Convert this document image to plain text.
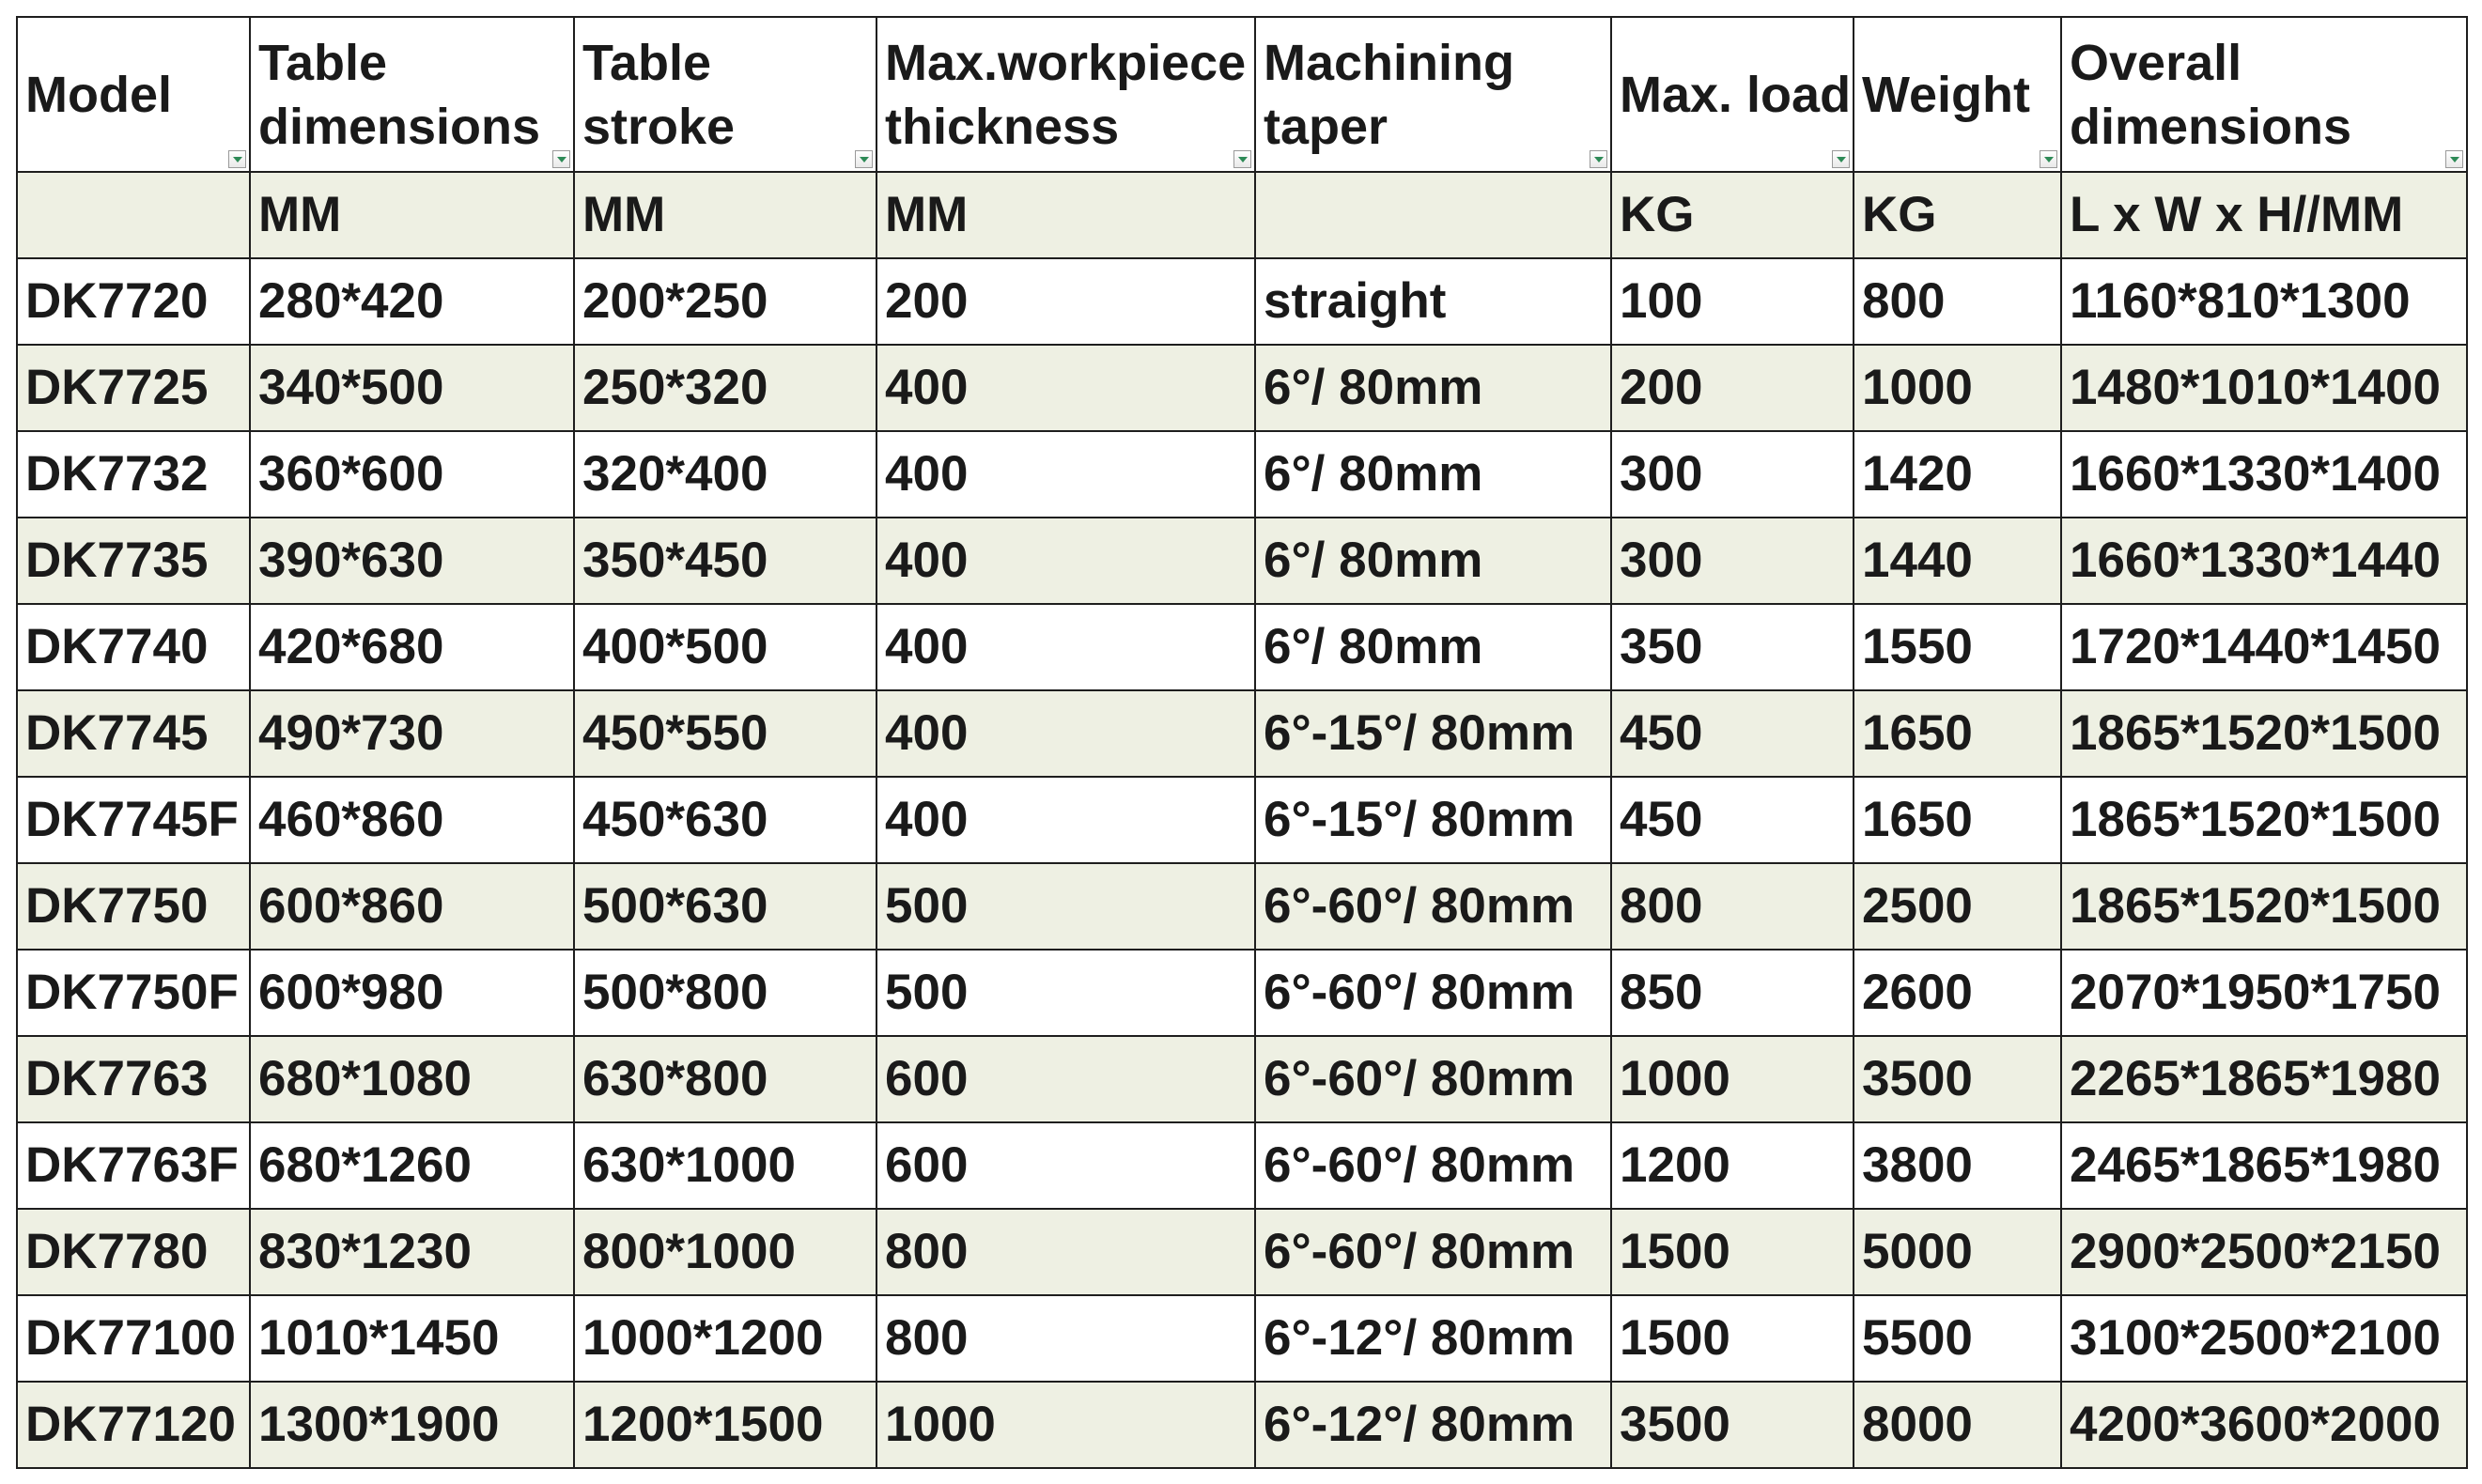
Model	Table dimensions	Table stroke	Max.workpiece thickness	Machining taper	Max. load	Weight	Overall dimensions

	MM	MM	MM		KG	KG	L x W x H//MM
DK7720	280*420	200*250	200	straight	100	800	1160*810*1300
DK7725	340*500	250*320	400	6°/ 80mm	200	1000	1480*1010*1400
DK7732	360*600	320*400	400	6°/ 80mm	300	1420	1660*1330*1400
DK7735	390*630	350*450	400	6°/ 80mm	300	1440	1660*1330*1440
DK7740	420*680	400*500	400	6°/ 80mm	350	1550	1720*1440*1450
DK7745	490*730	450*550	400	6°-15°/ 80mm	450	1650	1865*1520*1500
DK7745F	460*860	450*630	400	6°-15°/ 80mm	450	1650	1865*1520*1500
DK7750	600*860	500*630	500	6°-60°/ 80mm	800	2500	1865*1520*1500
DK7750F	600*980	500*800	500	6°-60°/ 80mm	850	2600	2070*1950*1750
DK7763	680*1080	630*800	600	6°-60°/ 80mm	1000	3500	2265*1865*1980
DK7763F	680*1260	630*1000	600	6°-60°/ 80mm	1200	3800	2465*1865*1980
DK7780	830*1230	800*1000	800	6°-60°/ 80mm	1500	5000	2900*2500*2150
DK77100	1010*1450	1000*1200	800	6°-12°/ 80mm	1500	5500	3100*2500*2100
DK77120	1300*1900	1200*1500	1000	6°-12°/ 80mm	3500	8000	4200*3600*2000
